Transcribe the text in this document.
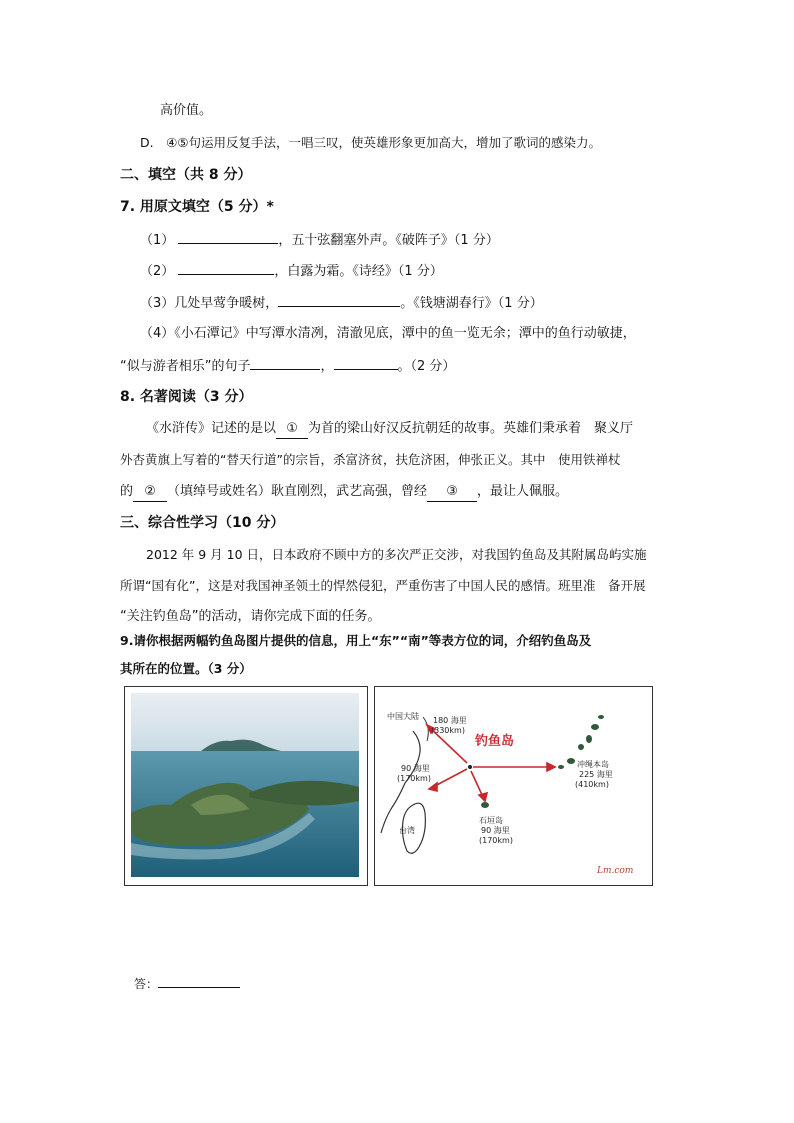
高价值。
D.　④⑤句运用反复手法，一唱三叹，使英雄形象更加高大，增加了歌词的感染力。
二、填空（共 8 分）
7. 用原文填空（5 分）*
（1）	，五十弦翻塞外声。《破阵子》（1 分）
（2）	，白露为霜。《诗经》（1 分）
（3）几处早莺争暖树，	。《钱塘湖春行》（1 分）
（4）《小石潭记》中写潭水清冽，清澈见底，潭中的鱼一览无余；潭中的鱼行动敏捷，
“似与游者相乐”的句子	，	。（2 分）
8. 名著阅读（3 分）
《水浒传》记述的是以 ① 为首的梁山好汉反抗朝廷的故事。英雄们秉承着　聚义厅
外杏黄旗上写着的“替天行道”的宗旨，杀富济贫，扶危济困，伸张正义。其中　使用铁禅杖
的 ② （填绰号或姓名）耿直刚烈，武艺高强，曾经 ③ ，最让人佩服。
三、综合性学习（10 分）
2012 年 9 月 10 日，日本政府不顾中方的多次严正交涉，对我国钓鱼岛及其附属岛屿实施
所谓“国有化”，这是对我国神圣领土的悍然侵犯，严重伤害了中国人民的感情。班里准　备开展
“关注钓鱼岛”的活动，请你完成下面的任务。
9.请你根据两幅钓鱼岛图片提供的信息，用上“东”“南”等表方位的词，介绍钓鱼岛及
其所在的位置。（3 分）
中国大陆
台湾
钓鱼岛
石垣岛
90 海里
(170km)
冲绳本岛
225 海里
(410km)
180 海里
(330km)
90 海里
(170km)
Lm.com
答：
